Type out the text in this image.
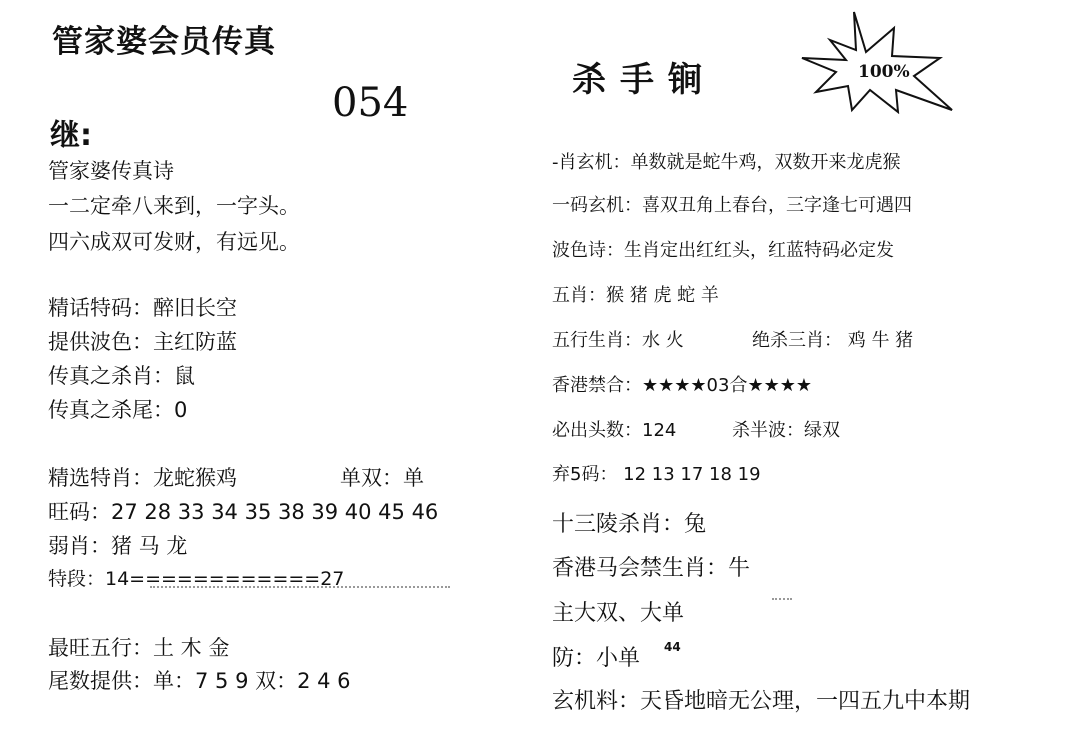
管家婆会员传真
054
继:
管家婆传真诗
一二定牵八来到，一字头。
四六成双可发财，有远见。
精话特码：醉旧长空
提供波色：主红防蓝
传真之杀肖：鼠
传真之杀尾：0
精选特肖：龙蛇猴鸡	单双：单
旺码：27 28 33 34 35 38 39 40 45 46
弱肖：猪 马 龙
特段：14============27
最旺五行：土 木 金
尾数提供：单：7 5 9 双：2 4 6
杀手锏	100%
-肖玄机：单数就是蛇牛鸡，双数开来龙虎猴
一码玄机：喜双丑角上春台，三字逢七可遇四
波色诗：生肖定出红红头，红蓝特码必定发
五肖：猴 猪 虎 蛇 羊
五行生肖：水 火	绝杀三肖： 鸡 牛 猪
香港禁合：★★★★03合★★★★
必出头数：124	杀半波：绿双
弃5码： 12 13 17 18 19
十三陵杀肖：兔
香港马会禁生肖：牛
主大双、大单
防：小单 44
玄机料：天昏地暗无公理，一四五九中本期
